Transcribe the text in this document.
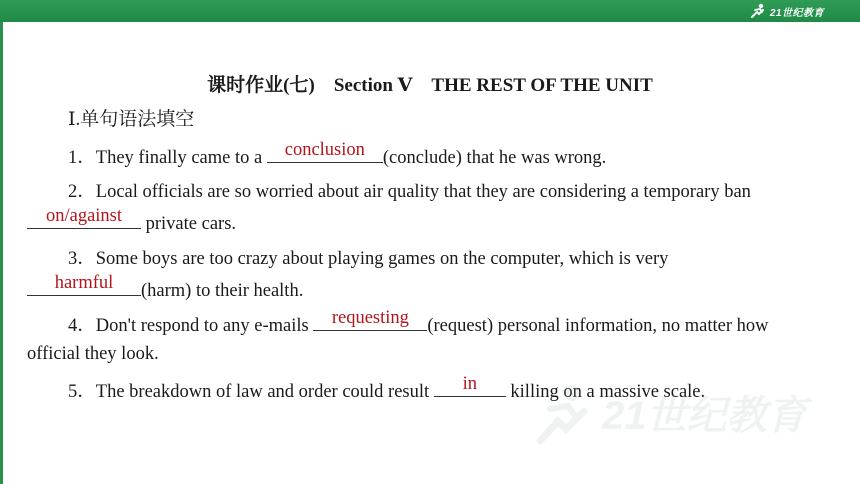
21世纪教育
课时作业(七)　Section Ⅴ　THE REST OF THE UNIT
Ⅰ.单句语法填空
1．They finally came to a conclusion (conclude) that he was wrong.
2．Local officials are so worried about air quality that they are considering a temporary ban
on/against	private cars.
3．Some boys are too crazy about playing games on the computer, which is very
harmful	(harm) to their health.
4．Don't respond to any e-mails requesting (request) personal information, no matter how
official they look.
5．The breakdown of law and order could result	in	killing on a massive scale.
21世纪教育
